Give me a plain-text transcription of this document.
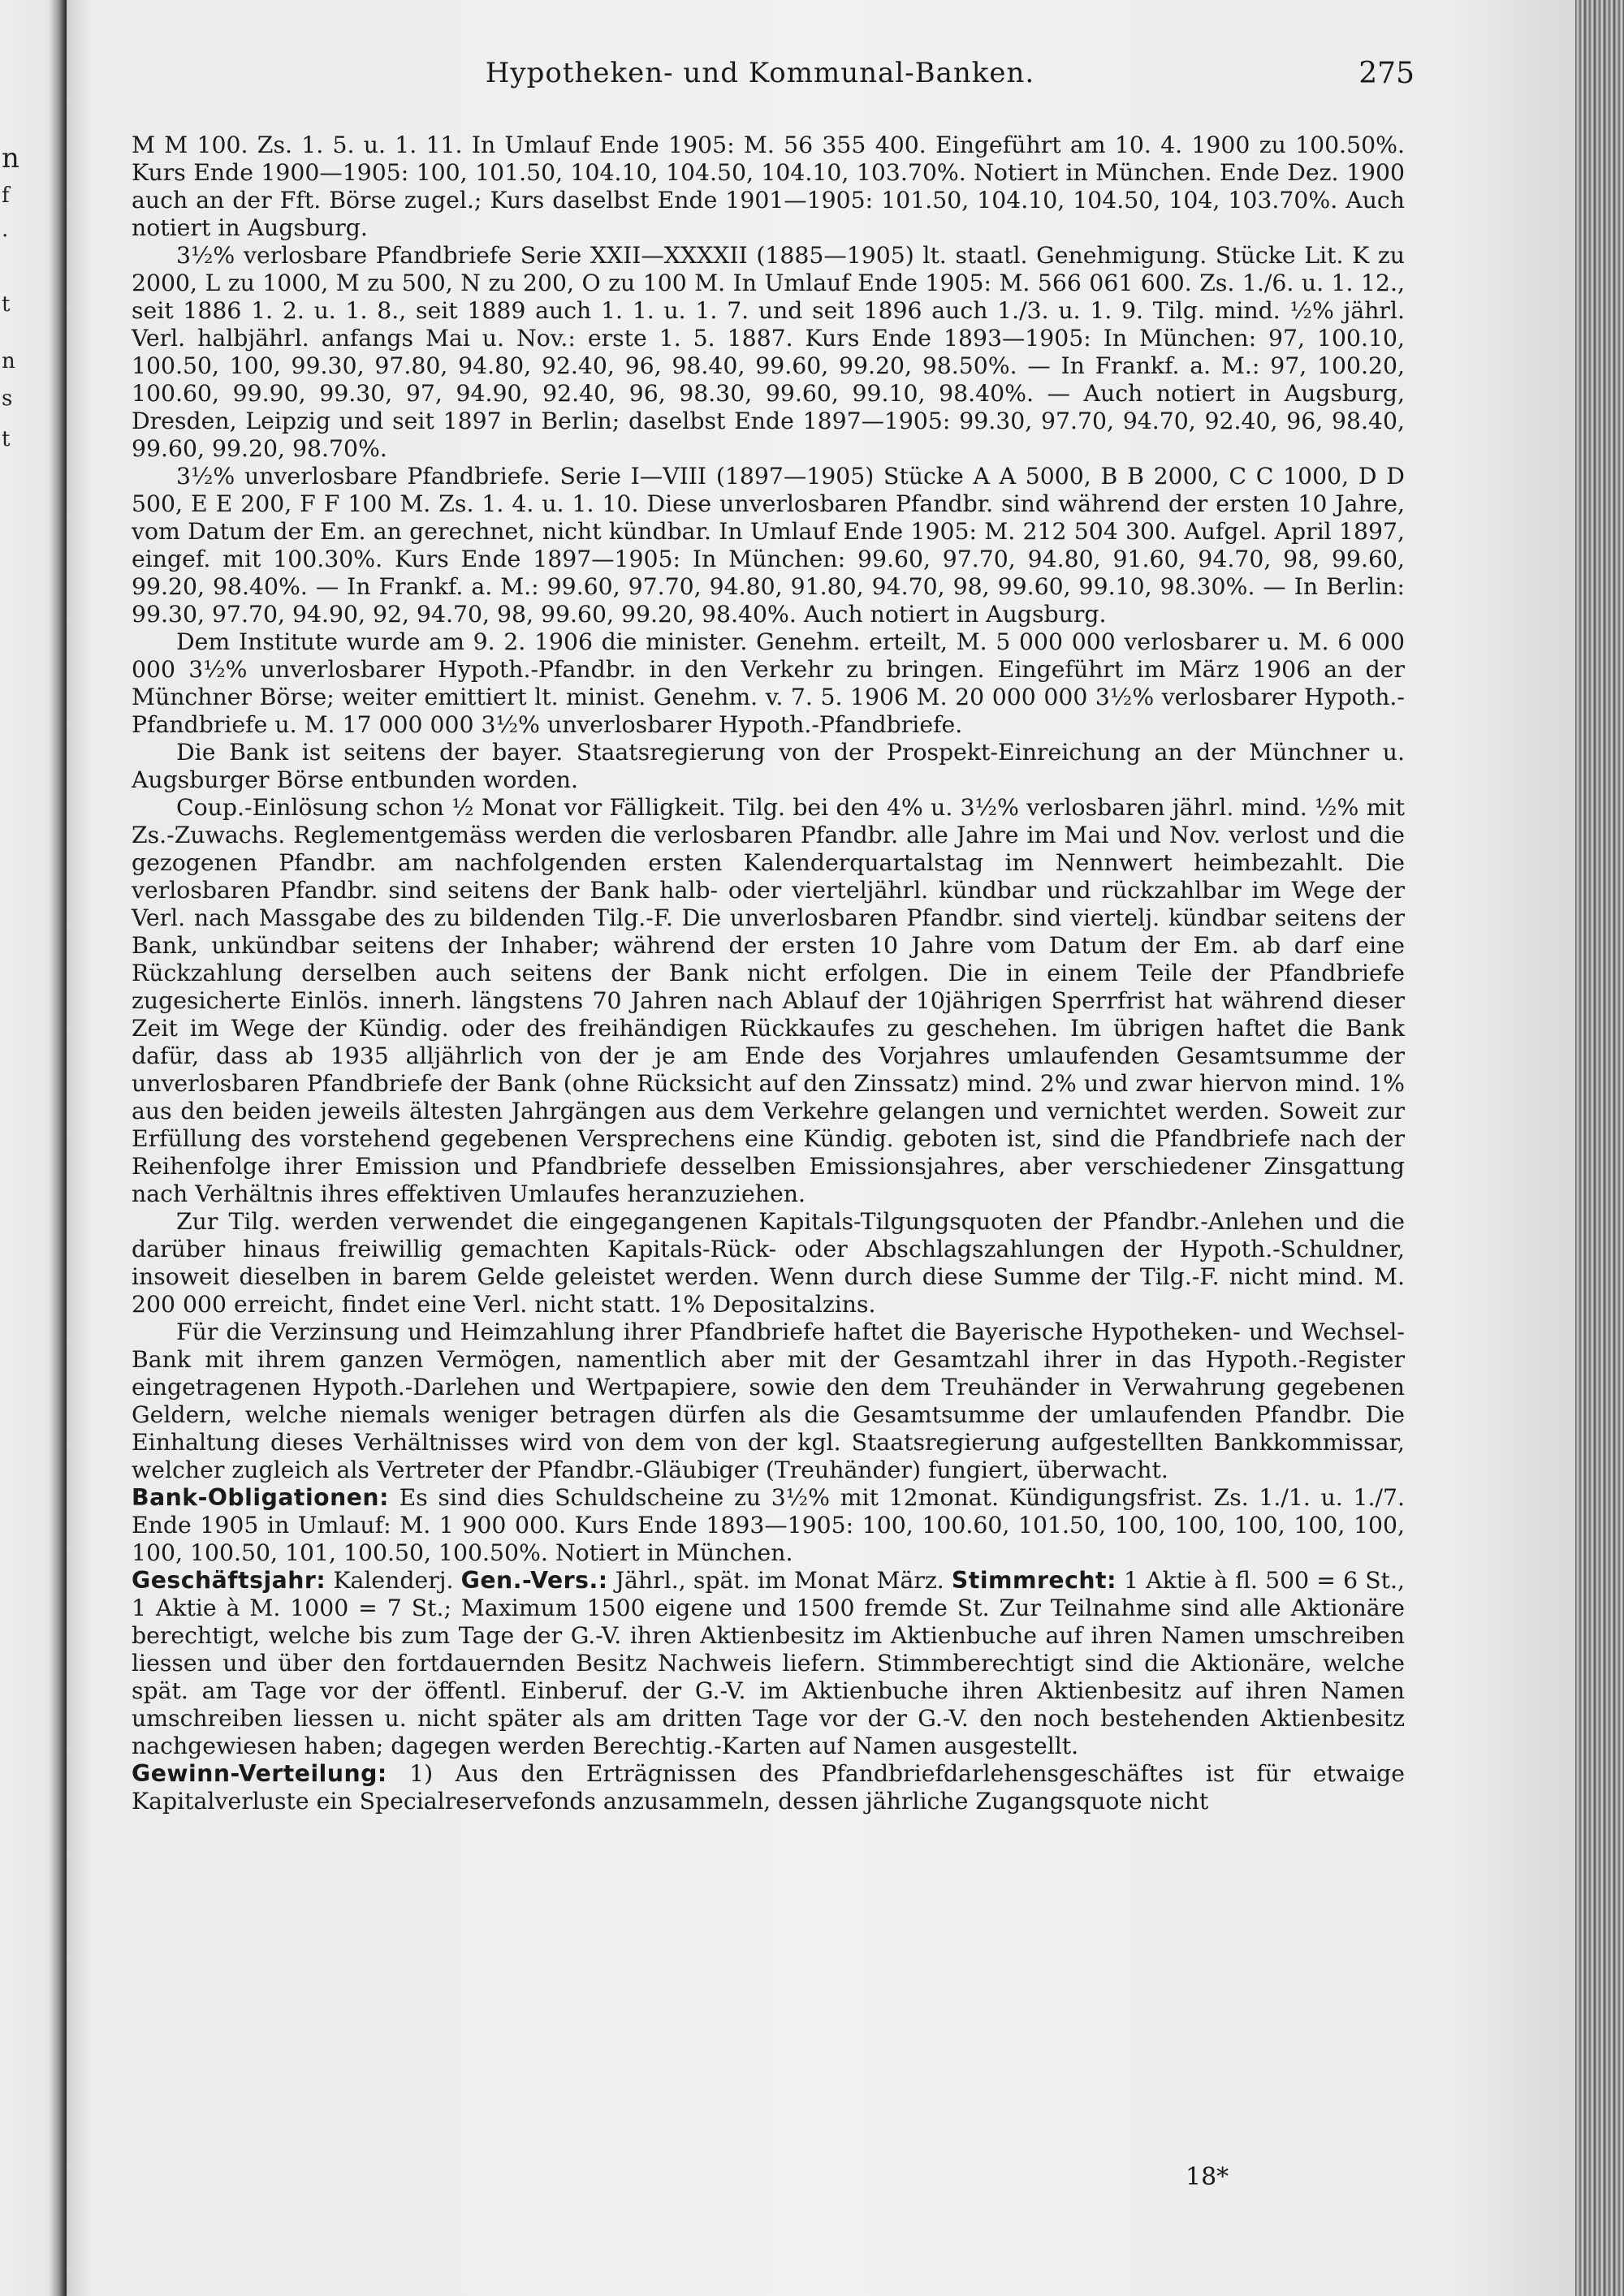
n
f
.
t
n
s
t
Hypotheken- und Kommunal-Banken.	275

M M 100. Zs. 1. 5. u. 1. 11. In Umlauf Ende 1905: M. 56 355 400. Eingeführt am 10. 4. 1900 zu 100.50%. Kurs Ende 1900—1905: 100, 101.50, 104.10, 104.50, 104.10, 103.70%. Notiert in München. Ende Dez. 1900 auch an der Fft. Börse zugel.; Kurs daselbst Ende 1901—1905: 101.50, 104.10, 104.50, 104, 103.70%. Auch notiert in Augsburg.

3½% verlosbare Pfandbriefe Serie XXII—XXXXII (1885—1905) lt. staatl. Genehmigung. Stücke Lit. K zu 2000, L zu 1000, M zu 500, N zu 200, O zu 100 M. In Umlauf Ende 1905: M. 566 061 600. Zs. 1./6. u. 1. 12., seit 1886 1. 2. u. 1. 8., seit 1889 auch 1. 1. u. 1. 7. und seit 1896 auch 1./3. u. 1. 9. Tilg. mind. ½% jährl. Verl. halbjährl. anfangs Mai u. Nov.: erste 1. 5. 1887. Kurs Ende 1893—1905: In München: 97, 100.10, 100.50, 100, 99.30, 97.80, 94.80, 92.40, 96, 98.40, 99.60, 99.20, 98.50%. — In Frankf. a. M.: 97, 100.20, 100.60, 99.90, 99.30, 97, 94.90, 92.40, 96, 98.30, 99.60, 99.10, 98.40%. — Auch notiert in Augsburg, Dresden, Leipzig und seit 1897 in Berlin; daselbst Ende 1897—1905: 99.30, 97.70, 94.70, 92.40, 96, 98.40, 99.60, 99.20, 98.70%.

3½% unverlosbare Pfandbriefe. Serie I—VIII (1897—1905) Stücke A A 5000, B B 2000, C C 1000, D D 500, E E 200, F F 100 M. Zs. 1. 4. u. 1. 10. Diese unverlosbaren Pfandbr. sind während der ersten 10 Jahre, vom Datum der Em. an gerechnet, nicht kündbar. In Umlauf Ende 1905: M. 212 504 300. Aufgel. April 1897, eingef. mit 100.30%. Kurs Ende 1897—1905: In München: 99.60, 97.70, 94.80, 91.60, 94.70, 98, 99.60, 99.20, 98.40%. — In Frankf. a. M.: 99.60, 97.70, 94.80, 91.80, 94.70, 98, 99.60, 99.10, 98.30%. — In Berlin: 99.30, 97.70, 94.90, 92, 94.70, 98, 99.60, 99.20, 98.40%. Auch notiert in Augsburg.

Dem Institute wurde am 9. 2. 1906 die minister. Genehm. erteilt, M. 5 000 000 verlosbarer u. M. 6 000 000 3½% unverlosbarer Hypoth.-Pfandbr. in den Verkehr zu bringen. Eingeführt im März 1906 an der Münchner Börse; weiter emittiert lt. minist. Genehm. v. 7. 5. 1906 M. 20 000 000 3½% verlosbarer Hypoth.-Pfandbriefe u. M. 17 000 000 3½% unverlosbarer Hypoth.-Pfandbriefe.

Die Bank ist seitens der bayer. Staatsregierung von der Prospekt-Einreichung an der Münchner u. Augsburger Börse entbunden worden.

Coup.-Einlösung schon ½ Monat vor Fälligkeit. Tilg. bei den 4% u. 3½% verlosbaren jährl. mind. ½% mit Zs.-Zuwachs. Reglementgemäss werden die verlosbaren Pfandbr. alle Jahre im Mai und Nov. verlost und die gezogenen Pfandbr. am nachfolgenden ersten Kalenderquartalstag im Nennwert heimbezahlt. Die verlosbaren Pfandbr. sind seitens der Bank halb- oder vierteljährl. kündbar und rückzahlbar im Wege der Verl. nach Massgabe des zu bildenden Tilg.-F. Die unverlosbaren Pfandbr. sind viertelj. kündbar seitens der Bank, unkündbar seitens der Inhaber; während der ersten 10 Jahre vom Datum der Em. ab darf eine Rückzahlung derselben auch seitens der Bank nicht erfolgen. Die in einem Teile der Pfandbriefe zugesicherte Einlös. innerh. längstens 70 Jahren nach Ablauf der 10jährigen Sperrfrist hat während dieser Zeit im Wege der Kündig. oder des freihändigen Rückkaufes zu geschehen. Im übrigen haftet die Bank dafür, dass ab 1935 alljährlich von der je am Ende des Vorjahres umlaufenden Gesamtsumme der unverlosbaren Pfandbriefe der Bank (ohne Rücksicht auf den Zinssatz) mind. 2% und zwar hiervon mind. 1% aus den beiden jeweils ältesten Jahrgängen aus dem Verkehre gelangen und vernichtet werden. Soweit zur Erfüllung des vorstehend gegebenen Versprechens eine Kündig. geboten ist, sind die Pfandbriefe nach der Reihenfolge ihrer Emission und Pfandbriefe desselben Emissionsjahres, aber verschiedener Zinsgattung nach Verhältnis ihres effektiven Umlaufes heranzuziehen.

Zur Tilg. werden verwendet die eingegangenen Kapitals-Tilgungsquoten der Pfandbr.-Anlehen und die darüber hinaus freiwillig gemachten Kapitals-Rück- oder Abschlagszahlungen der Hypoth.-Schuldner, insoweit dieselben in barem Gelde geleistet werden. Wenn durch diese Summe der Tilg.-F. nicht mind. M. 200 000 erreicht, findet eine Verl. nicht statt. 1% Depositalzins.

Für die Verzinsung und Heimzahlung ihrer Pfandbriefe haftet die Bayerische Hypotheken- und Wechsel-Bank mit ihrem ganzen Vermögen, namentlich aber mit der Gesamtzahl ihrer in das Hypoth.-Register eingetragenen Hypoth.-Darlehen und Wertpapiere, sowie den dem Treuhänder in Verwahrung gegebenen Geldern, welche niemals weniger betragen dürfen als die Gesamtsumme der umlaufenden Pfandbr. Die Einhaltung dieses Verhältnisses wird von dem von der kgl. Staatsregierung aufgestellten Bankkommissar, welcher zugleich als Vertreter der Pfandbr.-Gläubiger (Treuhänder) fungiert, überwacht.

Bank-Obligationen: Es sind dies Schuldscheine zu 3½% mit 12monat. Kündigungsfrist. Zs. 1./1. u. 1./7. Ende 1905 in Umlauf: M. 1 900 000. Kurs Ende 1893—1905: 100, 100.60, 101.50, 100, 100, 100, 100, 100, 100, 100.50, 101, 100.50, 100.50%. Notiert in München.

Geschäftsjahr: Kalenderj. Gen.-Vers.: Jährl., spät. im Monat März. Stimmrecht: 1 Aktie à fl. 500 = 6 St., 1 Aktie à M. 1000 = 7 St.; Maximum 1500 eigene und 1500 fremde St. Zur Teilnahme sind alle Aktionäre berechtigt, welche bis zum Tage der G.-V. ihren Aktienbesitz im Aktienbuche auf ihren Namen umschreiben liessen und über den fortdauernden Besitz Nachweis liefern. Stimmberechtigt sind die Aktionäre, welche spät. am Tage vor der öffentl. Einberuf. der G.-V. im Aktienbuche ihren Aktienbesitz auf ihren Namen umschreiben liessen u. nicht später als am dritten Tage vor der G.-V. den noch bestehenden Aktienbesitz nachgewiesen haben; dagegen werden Berechtig.-Karten auf Namen ausgestellt.

Gewinn-Verteilung: 1) Aus den Erträgnissen des Pfandbriefdarlehensgeschäftes ist für etwaige Kapitalverluste ein Specialreservefonds anzusammeln, dessen jährliche Zugangsquote nicht

18*
